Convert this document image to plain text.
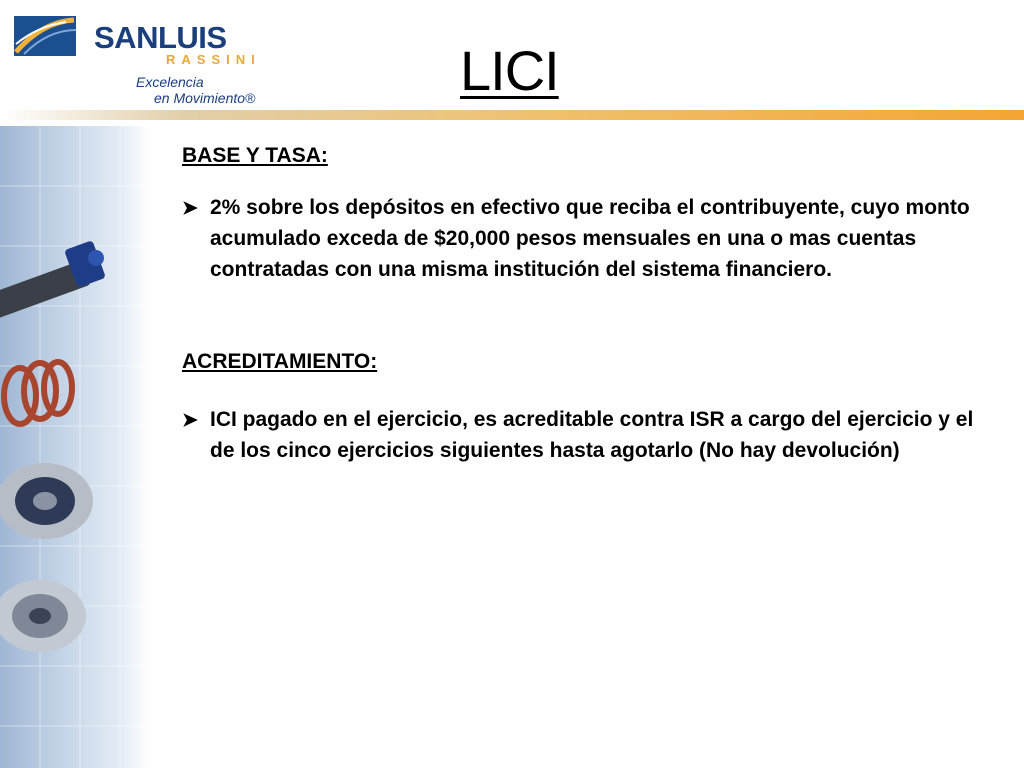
SANLUIS

RASSINI
Excelencia
en Movimiento®	LICI
BASE Y TASA:
➤ 2% sobre los depósitos en efectivo que reciba el contribuyente, cuyo monto acumulado exceda de $20,000 pesos mensuales en una o mas cuentas contratadas con una misma institución del sistema financiero.
ACREDITAMIENTO:
➤ ICI pagado en el ejercicio, es acreditable contra ISR a cargo del ejercicio y el de los cinco ejercicios siguientes hasta agotarlo (No hay devolución)
